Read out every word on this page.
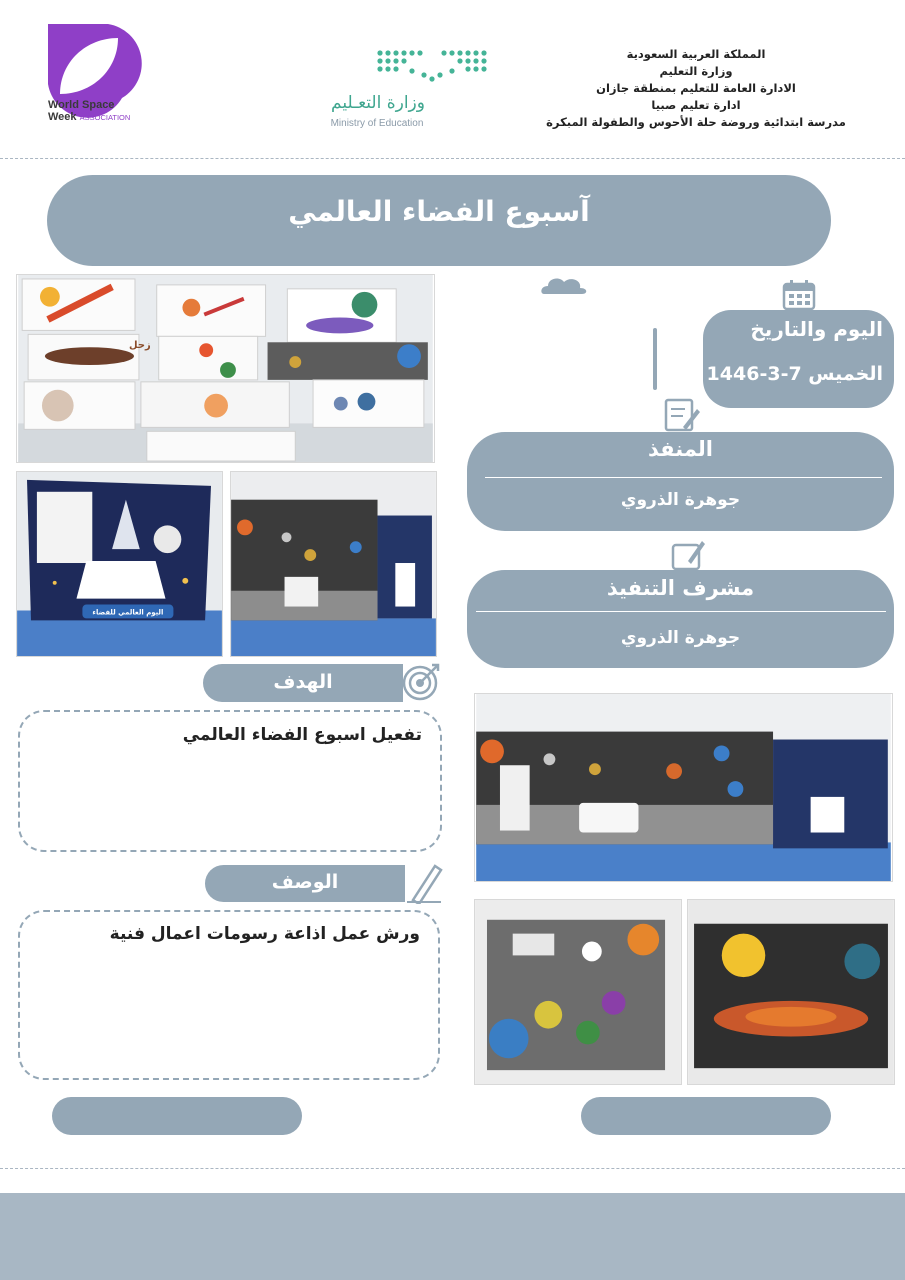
المملكة العربية السعودية
وزارة التعليم
الادارة العامة للتعليم بمنطقة جازان
ادارة تعليم صبيا
مدرسة ابتدائية وروضة حلة الأحوس والطفولة المبكرة
World Space
Week ASSOCIATION
وزارة التعـليم
Ministry of Education
آسبوع الفضاء العالمي
زحل
اليوم العالمي للفضاء
اليوم والتاريخ
الخميس 7-3-1446
المنفذ
جوهرة الذروي
مشرف التنفيذ
جوهرة الذروي
الهدف
تفعيل اسبوع الفضاء العالمي
الوصف
ورش عمل اذاعة رسومات اعمال فنية
